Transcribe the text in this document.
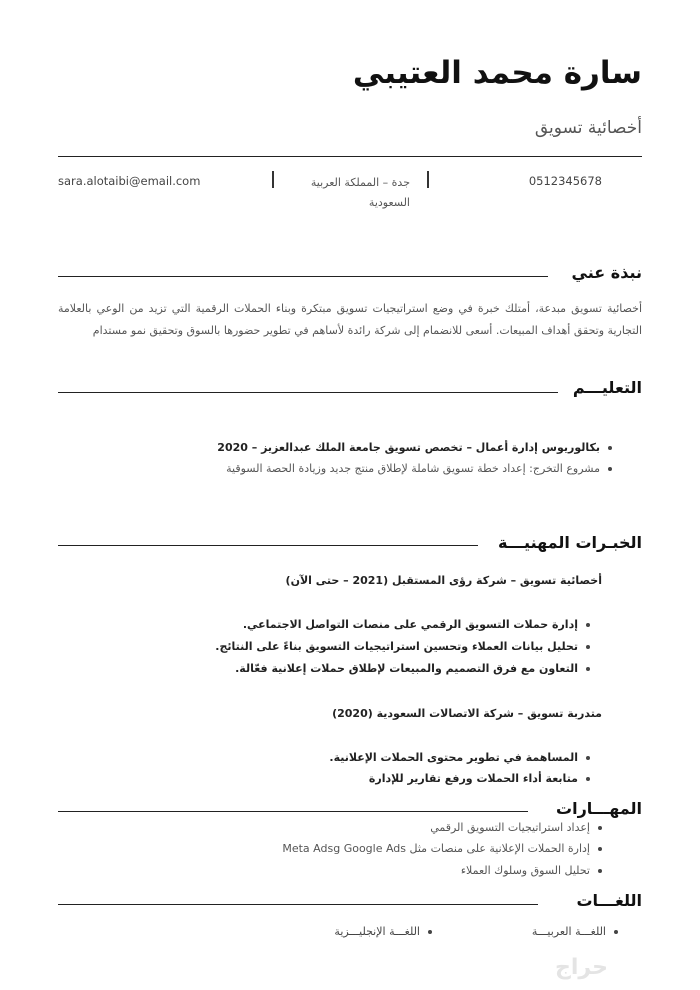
سارة محمد العتيبي
أخصائية تسويق
0512345678
جدة – المملكة العربية السعودية
sara.alotaibi@email.com
نبذة عني
أخصائية تسويق مبدعة، أمتلك خبرة في وضع استراتيجيات تسويق مبتكرة وبناء الحملات الرقمية التي تزيد من الوعي بالعلامة التجارية وتحقق أهداف المبيعات. أسعى للانضمام إلى شركة رائدة لأساهم في تطوير حضورها بالسوق وتحقيق نمو مستدام
التعليـــم
بكالوريوس إدارة أعمال – تخصص تسويق جامعة الملك عبدالعزيز – 2020
مشروع التخرج: إعداد خطة تسويق شاملة لإطلاق منتج جديد وزيادة الحصة السوقية
الخبـرات المهنيـــة
أخصائية تسويق – شركة رؤى المستقبل (2021 – حتى الآن)
إدارة حملات التسويق الرقمي على منصات التواصل الاجتماعي.
تحليل بيانات العملاء وتحسين استراتيجيات التسويق بناءً على النتائج.
التعاون مع فرق التصميم والمبيعات لإطلاق حملات إعلانية فعّالة.
متدربة تسويق – شركة الاتصالات السعودية (2020)
المساهمة في تطوير محتوى الحملات الإعلانية.
متابعة أداء الحملات ورفع تقارير للإدارة
المهـــارات
إعداد استراتيجيات التسويق الرقمي
إدارة الحملات الإعلانية على منصات مثل Meta Adsg Google Ads
تحليل السوق وسلوك العملاء
اللغـــات
اللغـــة العربيـــة
اللغـــة الإنجليـــزية
حراج
